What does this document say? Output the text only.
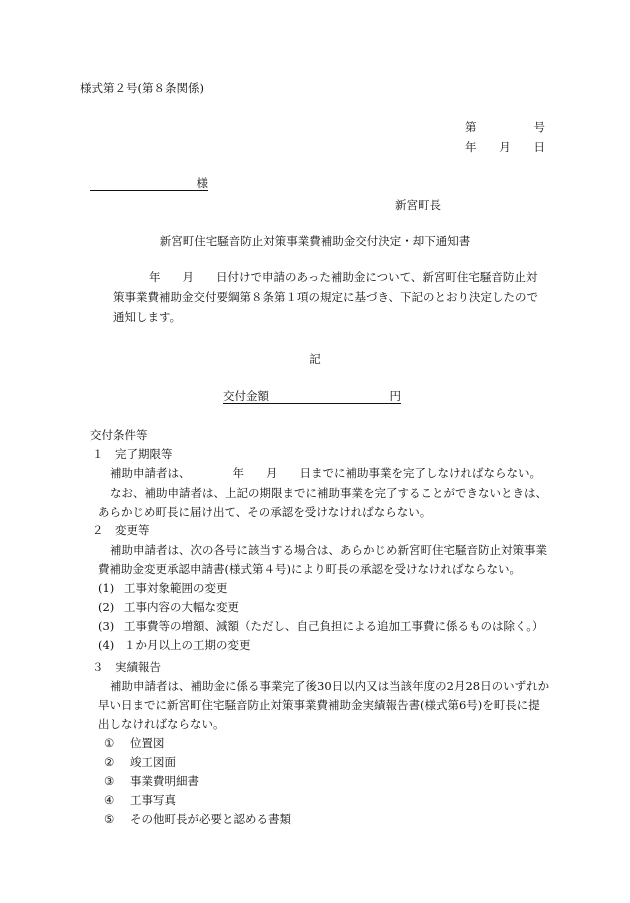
様式第２号(第８条関係)
第	号
年 月 日
様
新宮町長
新宮町住宅騒音防止対策事業費補助金交付決定・却下通知書
年 月 日付けで申請のあった補助金について、新宮町住宅騒音防止対
策事業費補助金交付要綱第８条第１項の規定に基づき、下記のとおり決定したので
通知します。
記
交付金額	円
交付条件等
１　完了期限等
補助申請者は、	年 月 日までに補助事業を完了しなければならない。
なお、補助申請者は、上記の期限までに補助事業を完了することができないときは、
あらかじめ町長に届け出て、その承認を受けなければならない。
２　変更等
補助申請者は、次の各号に該当する場合は、あらかじめ新宮町住宅騒音防止対策事業
費補助金変更承認申請書(様式第４号)により町長の承認を受けなければならない。
(1) 工事対象範囲の変更
(2) 工事内容の大幅な変更
(3) 工事費等の増額、減額（ただし、自己負担による追加工事費に係るものは除く。）
(4) １か月以上の工期の変更
３　実績報告
補助申請者は、補助金に係る事業完了後30日以内又は当該年度の2月28日のいずれか
早い日までに新宮町住宅騒音防止対策事業費補助金実績報告書(様式第6号)を町長に提
出しなければならない。
① 位置図
② 竣工図面
③ 事業費明細書
④ 工事写真
⑤ その他町長が必要と認める書類
